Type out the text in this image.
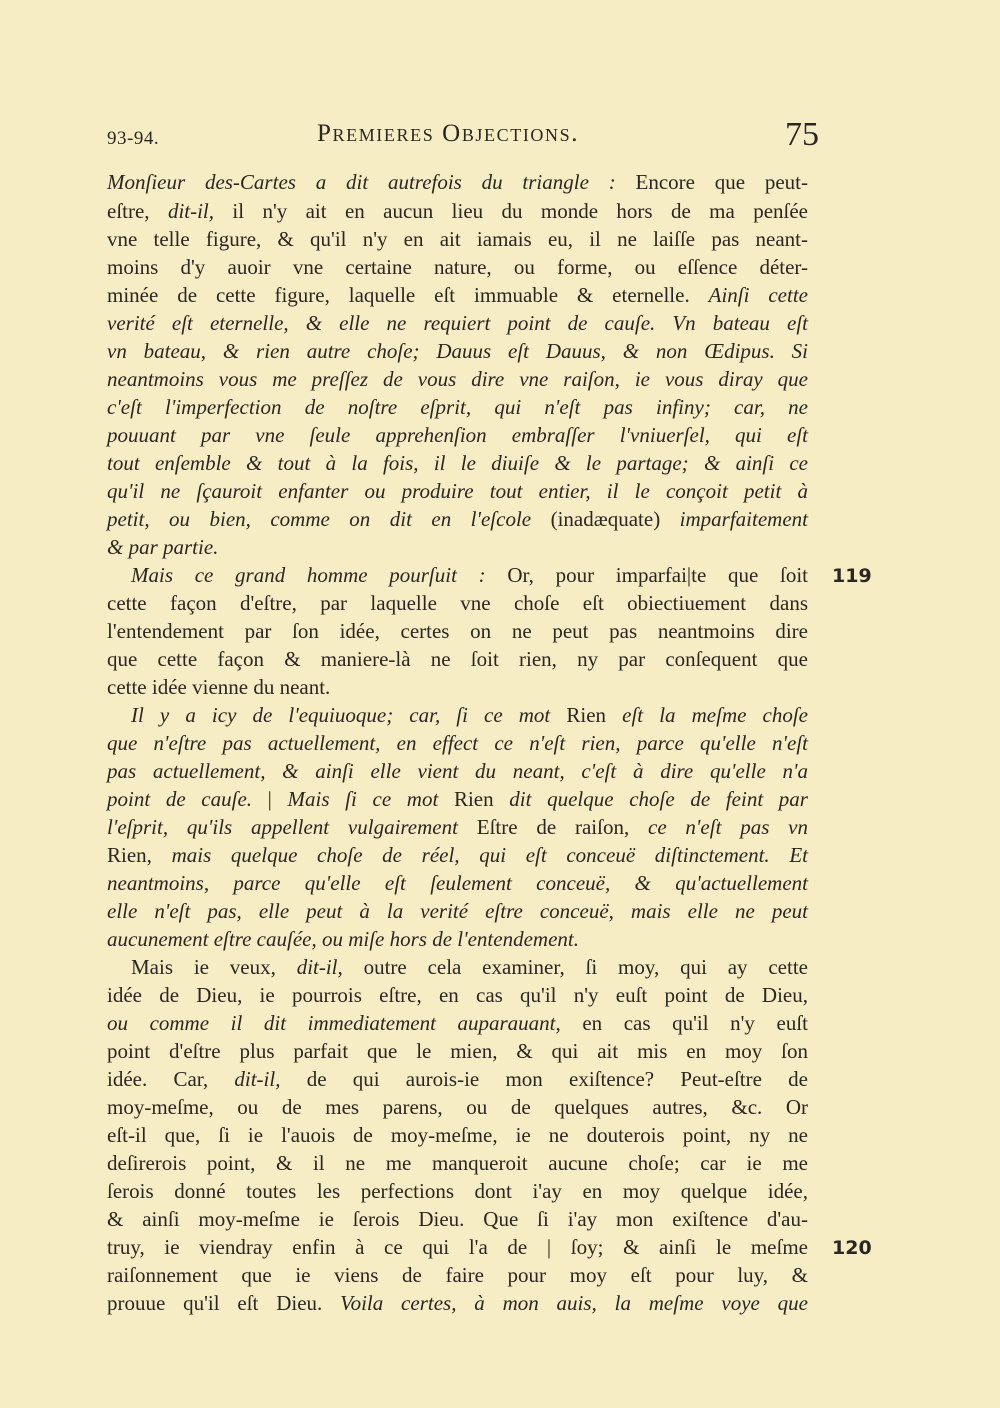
93-94.	Premieres Objections.	75
Monſieur des-Cartes a dit autrefois du triangle : Encore que peut-
eſtre, dit-il, il n'y ait en aucun lieu du monde hors de ma penſée
vne telle figure, & qu'il n'y en ait iamais eu, il ne laiſſe pas neant-
moins d'y auoir vne certaine nature, ou forme, ou eſſence déter-
minée de cette figure, laquelle eſt immuable & eternelle. Ainſi cette
verité eſt eternelle, & elle ne requiert point de cauſe. Vn bateau eſt
vn bateau, & rien autre choſe; Dauus eſt Dauus, & non Œdipus. Si
neantmoins vous me preſſez de vous dire vne raiſon, ie vous diray que
c'eſt l'imperfection de noſtre eſprit, qui n'eſt pas infiny; car, ne
pouuant par vne ſeule apprehenſion embraſſer l'vniuerſel, qui eſt
tout enſemble & tout à la fois, il le diuiſe & le partage; & ainſi ce
qu'il ne ſçauroit enfanter ou produire tout entier, il le conçoit petit à
petit, ou bien, comme on dit en l'eſcole (inadæquate) imparfaitement
& par partie.
Mais ce grand homme pourſuit : Or, pour imparfai|te que ſoit 119
cette façon d'eſtre, par laquelle vne choſe eſt obiectiuement dans
l'entendement par ſon idée, certes on ne peut pas neantmoins dire
que cette façon & maniere-là ne ſoit rien, ny par conſequent que
cette idée vienne du neant.
Il y a icy de l'equiuoque; car, ſi ce mot Rien eſt la meſme choſe
que n'eſtre pas actuellement, en effect ce n'eſt rien, parce qu'elle n'eſt
pas actuellement, & ainſi elle vient du neant, c'eſt à dire qu'elle n'a
point de cauſe. | Mais ſi ce mot Rien dit quelque choſe de feint par
l'eſprit, qu'ils appellent vulgairement Eſtre de raiſon, ce n'eſt pas vn
Rien, mais quelque choſe de réel, qui eſt conceuë diſtinctement. Et
neantmoins, parce qu'elle eſt ſeulement conceuë, & qu'actuellement
elle n'eſt pas, elle peut à la verité eſtre conceuë, mais elle ne peut
aucunement eſtre cauſée, ou miſe hors de l'entendement.
Mais ie veux, dit-il, outre cela examiner, ſi moy, qui ay cette
idée de Dieu, ie pourrois eſtre, en cas qu'il n'y euſt point de Dieu,
ou comme il dit immediatement auparauant, en cas qu'il n'y euſt
point d'eſtre plus parfait que le mien, & qui ait mis en moy ſon
idée. Car, dit-il, de qui aurois-ie mon exiſtence? Peut-eſtre de
moy-meſme, ou de mes parens, ou de quelques autres, &c. Or
eſt-il que, ſi ie l'auois de moy-meſme, ie ne douterois point, ny ne
deſirerois point, & il ne me manqueroit aucune choſe; car ie me
ſerois donné toutes les perfections dont i'ay en moy quelque idée,
& ainſi moy-meſme ie ſerois Dieu. Que ſi i'ay mon exiſtence d'au-
truy, ie viendray enfin à ce qui l'a de | ſoy; & ainſi le meſme 120
raiſonnement que ie viens de faire pour moy eſt pour luy, &
prouue qu'il eſt Dieu. Voila certes, à mon auis, la meſme voye que
